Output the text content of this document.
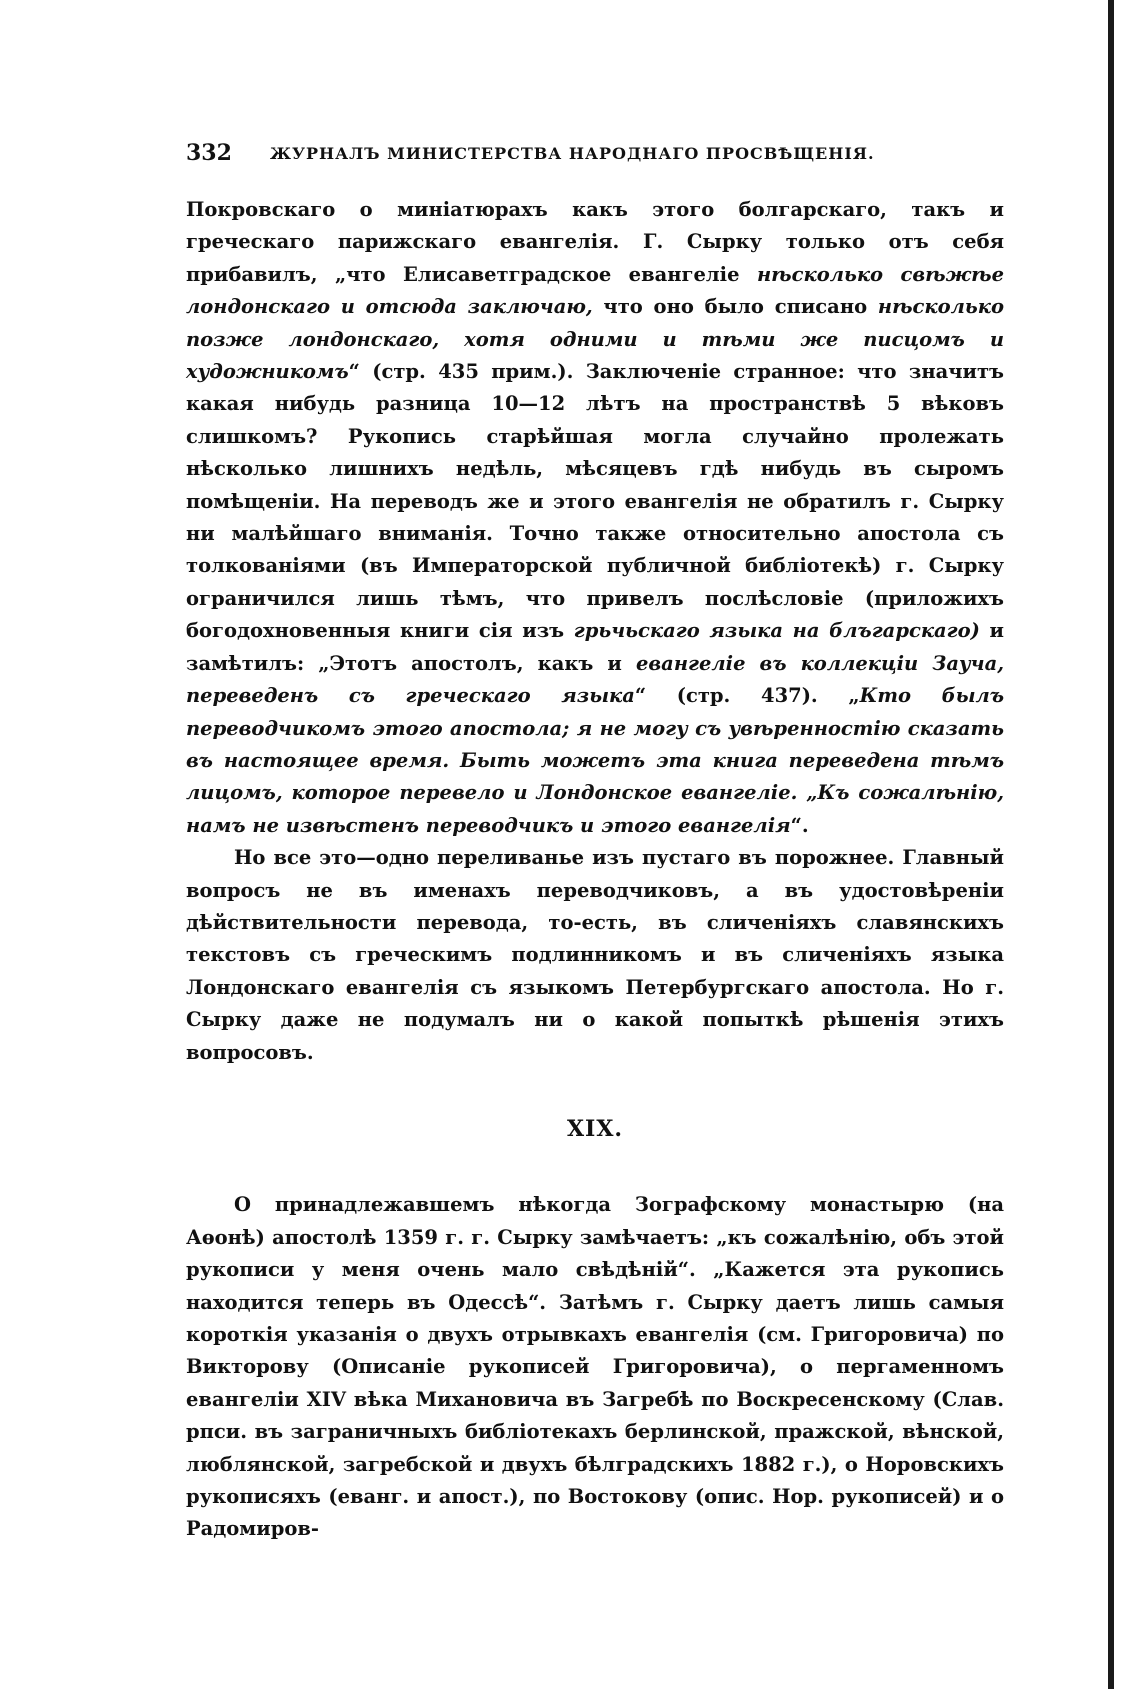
332 ЖУРНАЛЪ МИНИСТЕРСТВА НАРОДНАГО ПРОСВѢЩЕНІЯ.

Покровскаго о миніатюрахъ какъ этого болгарскаго, такъ и греческаго парижскаго евангелія. Г. Сырку только отъ себя прибавилъ, „что Елисаветградское евангеліе нѣсколько свѣжѣе лондонскаго и отсюда заключаю, что оно было списано нѣсколько позже лондонскаго, хотя одними и тѣми же писцомъ и художникомъ“ (стр. 435 прим.). Заключеніе странное: что значитъ какая нибудь разница 10—12 лѣтъ на пространствѣ 5 вѣковъ слишкомъ? Рукопись старѣйшая могла случайно пролежать нѣсколько лишнихъ недѣль, мѣсяцевъ гдѣ нибудь въ сыромъ помѣщеніи. На переводъ же и этого евангелія не обратилъ г. Сырку ни малѣйшаго вниманія. Точно также относительно апостола съ толкованіями (въ Императорской публичной библіотекѣ) г. Сырку ограничился лишь тѣмъ, что привелъ послѣсловіе (приложихъ богодохновенныя книги сія изъ грьчьскаго языка на блъгарскаго) и замѣтилъ: „Этотъ апостолъ, какъ и евангеліе въ коллекціи Зауча, переведенъ съ греческаго языка“ (стр. 437). „Кто былъ переводчикомъ этого апостола; я не могу съ увѣренностію сказать въ настоящее время. Быть можетъ эта книга переведена тѣмъ лицомъ, которое перевело и Лондонское евангеліе. „Къ сожалѣнію, намъ не извѣстенъ переводчикъ и этого евангелія“.

Но все это—одно переливанье изъ пустаго въ порожнее. Главный вопросъ не въ именахъ переводчиковъ, а въ удостовѣреніи дѣйствительности перевода, то-есть, въ сличеніяхъ славянскихъ текстовъ съ греческимъ подлинникомъ и въ сличеніяхъ языка Лондонскаго евангелія съ языкомъ Петербургскаго апостола. Но г. Сырку даже не подумалъ ни о какой попыткѣ рѣшенія этихъ вопросовъ.

XIX.

О принадлежавшемъ нѣкогда Зографскому монастырю (на Аѳонѣ) апостолѣ 1359 г. г. Сырку замѣчаетъ: „къ сожалѣнію, объ этой рукописи у меня очень мало свѣдѣній“. „Кажется эта рукопись находится теперь въ Одессѣ“. Затѣмъ г. Сырку даетъ лишь самыя короткія указанія о двухъ отрывкахъ евангелія (см. Григоровича) по Викторову (Описаніе рукописей Григоровича), о пергаменномъ евангеліи XIV вѣка Михановича въ Загребѣ по Воскресенскому (Слав. рпси. въ заграничныхъ библіотекахъ берлинской, пражской, вѣнской, люблянской, загребской и двухъ бѣлградскихъ 1882 г.), о Норовскихъ рукописяхъ (еванг. и апост.), по Востокову (опис. Нор. рукописей) и о Радомиров-
